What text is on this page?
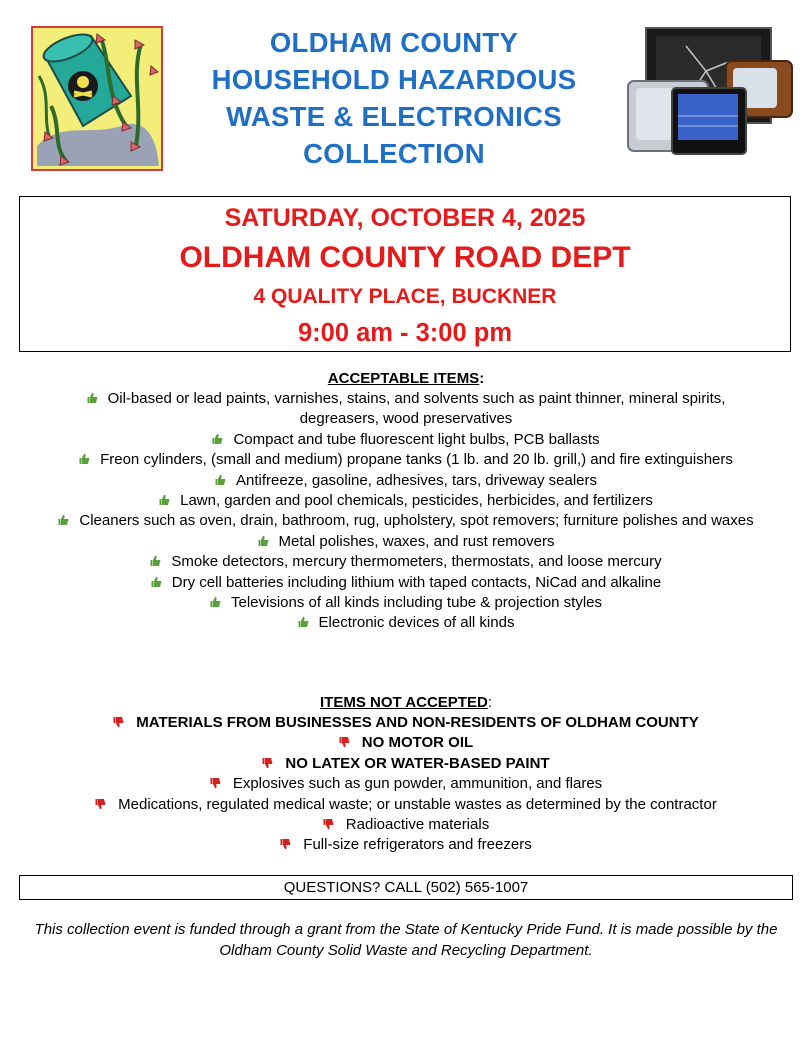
OLDHAM COUNTY
HOUSEHOLD HAZARDOUS
WASTE & ELECTRONICS
COLLECTION
SATURDAY, OCTOBER 4, 2025
OLDHAM COUNTY ROAD DEPT
4 QUALITY PLACE, BUCKNER
9:00 am - 3:00 pm
ACCEPTABLE ITEMS:
Oil-based or lead paints, varnishes, stains, and solvents such as paint thinner, mineral spirits, degreasers, wood preservatives
Compact and tube fluorescent light bulbs, PCB ballasts
Freon cylinders, (small and medium) propane tanks (1 lb. and 20 lb. grill,) and fire extinguishers
Antifreeze, gasoline, adhesives, tars, driveway sealers
Lawn, garden and pool chemicals, pesticides, herbicides, and fertilizers
Cleaners such as oven, drain, bathroom, rug, upholstery, spot removers; furniture polishes and waxes
Metal polishes, waxes, and rust removers
Smoke detectors, mercury thermometers, thermostats, and loose mercury
Dry cell batteries including lithium with taped contacts, NiCad and alkaline
Televisions of all kinds including tube & projection styles
Electronic devices of all kinds
ITEMS NOT ACCEPTED:
MATERIALS FROM BUSINESSES AND NON-RESIDENTS OF OLDHAM COUNTY
NO MOTOR OIL
NO LATEX OR WATER-BASED PAINT
Explosives such as gun powder, ammunition, and flares
Medications, regulated medical waste; or unstable wastes as determined by the contractor
Radioactive materials
Full-size refrigerators and freezers
QUESTIONS? CALL (502) 565-1007
This collection event is funded through a grant from the State of Kentucky Pride Fund. It is made possible by the Oldham County Solid Waste and Recycling Department.
